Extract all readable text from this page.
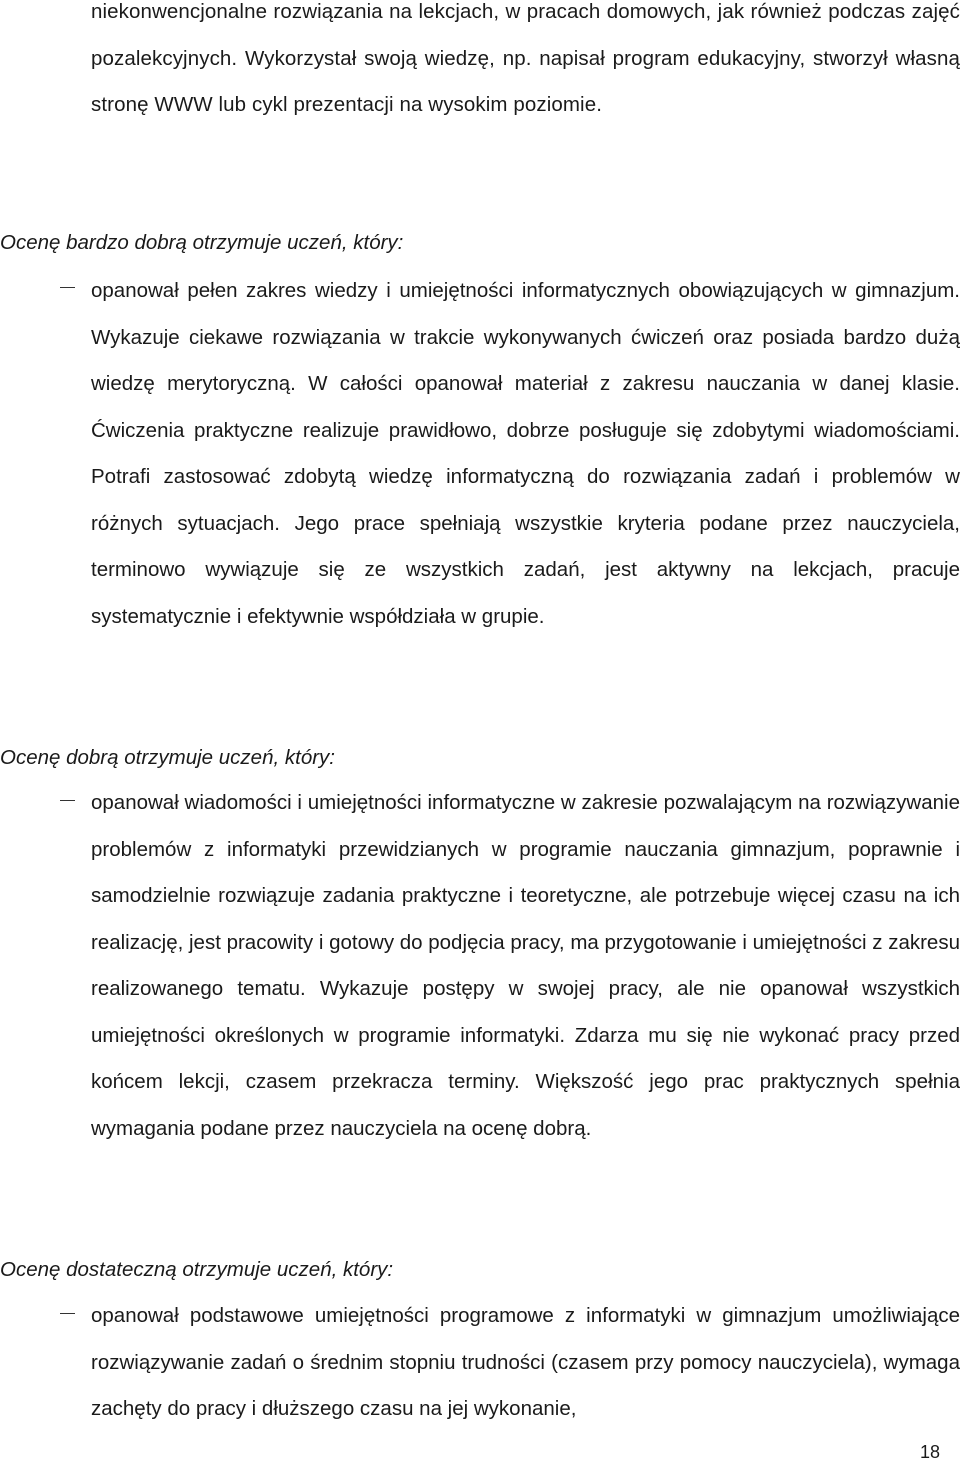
niekonwencjonalne rozwiązania na lekcjach, w pracach domowych, jak również podczas zajęć pozalekcyjnych. Wykorzystał swoją wiedzę, np. napisał program edukacyjny, stworzył własną stronę WWW lub cykl prezentacji na wysokim poziomie.

Ocenę bardzo dobrą otrzymuje uczeń, który:

opanował pełen zakres wiedzy i umiejętności informatycznych obowiązujących w gimnazjum. Wykazuje ciekawe rozwiązania w trakcie wykonywanych ćwiczeń oraz posiada bardzo dużą wiedzę merytoryczną. W całości opanował materiał z zakresu nauczania w danej klasie. Ćwiczenia praktyczne realizuje prawidłowo, dobrze posługuje się zdobytymi wiadomościami. Potrafi zastosować zdobytą wiedzę informatyczną do rozwiązania zadań i problemów w różnych sytuacjach. Jego prace spełniają wszystkie kryteria podane przez nauczyciela, terminowo wywiązuje się ze wszystkich zadań, jest aktywny na lekcjach, pracuje systematycznie i efektywnie współdziała w grupie.

Ocenę dobrą otrzymuje uczeń, który:

opanował wiadomości i umiejętności informatyczne w zakresie pozwalającym na rozwiązywanie problemów z informatyki przewidzianych w programie nauczania gimnazjum, poprawnie i samodzielnie rozwiązuje zadania praktyczne i teoretyczne, ale potrzebuje więcej czasu na ich realizację, jest pracowity i gotowy do podjęcia pracy, ma przygotowanie i umiejętności z zakresu realizowanego tematu. Wykazuje postępy w swojej pracy, ale nie opanował wszystkich umiejętności określonych w programie informatyki. Zdarza mu się nie wykonać pracy przed końcem lekcji, czasem przekracza terminy. Większość jego prac praktycznych spełnia wymagania podane przez nauczyciela na ocenę dobrą.

Ocenę dostateczną otrzymuje uczeń, który:

opanował podstawowe umiejętności programowe z informatyki w gimnazjum umożliwiające rozwiązywanie zadań o średnim stopniu trudności (czasem przy pomocy nauczyciela), wymaga zachęty do pracy i dłuższego czasu na jej wykonanie,

18
